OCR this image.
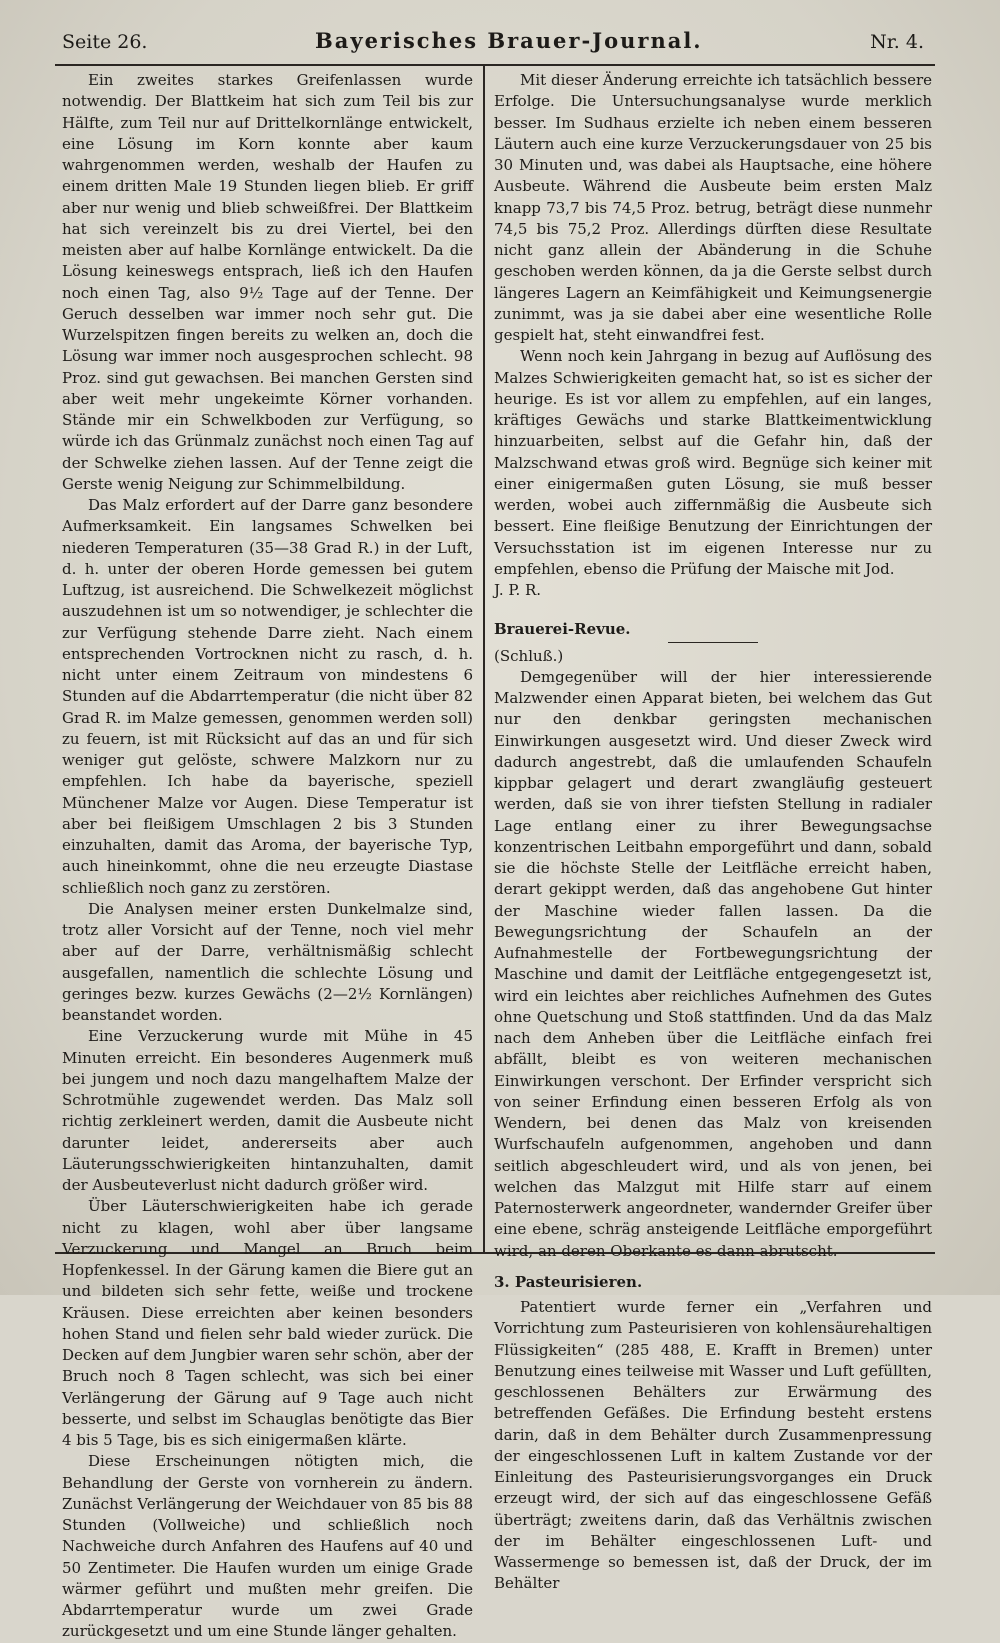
Seite 26.	Bayerisches Brauer-Journal.	Nr. 4.

Ein zweites starkes Greifenlassen wurde notwendig. Der Blattkeim hat sich zum Teil bis zur Hälfte, zum Teil nur auf Drittelkornlänge entwickelt, eine Lösung im Korn konnte aber kaum wahrgenommen werden, weshalb der Haufen zu einem dritten Male 19 Stunden liegen blieb. Er griff aber nur wenig und blieb schweißfrei. Der Blattkeim hat sich vereinzelt bis zu drei Viertel, bei den meisten aber auf halbe Kornlänge entwickelt. Da die Lösung keineswegs entsprach, ließ ich den Haufen noch einen Tag, also 9½ Tage auf der Tenne. Der Geruch desselben war immer noch sehr gut. Die Wurzelspitzen fingen bereits zu welken an, doch die Lösung war immer noch ausgesprochen schlecht. 98 Proz. sind gut gewachsen. Bei manchen Gersten sind aber weit mehr ungekeimte Körner vorhanden. Stände mir ein Schwelkboden zur Verfügung, so würde ich das Grünmalz zunächst noch einen Tag auf der Schwelke ziehen lassen. Auf der Tenne zeigt die Gerste wenig Neigung zur Schimmelbildung.

Das Malz erfordert auf der Darre ganz besondere Aufmerksamkeit. Ein langsames Schwelken bei niederen Temperaturen (35—38 Grad R.) in der Luft, d. h. unter der oberen Horde gemessen bei gutem Luftzug, ist ausreichend. Die Schwelkezeit möglichst auszudehnen ist um so notwendiger, je schlechter die zur Verfügung stehende Darre zieht. Nach einem entsprechenden Vortrocknen nicht zu rasch, d. h. nicht unter einem Zeitraum von mindestens 6 Stunden auf die Abdarrtemperatur (die nicht über 82 Grad R. im Malze gemessen, genommen werden soll) zu feuern, ist mit Rücksicht auf das an und für sich weniger gut gelöste, schwere Malzkorn nur zu empfehlen. Ich habe da bayerische, speziell Münchener Malze vor Augen. Diese Temperatur ist aber bei fleißigem Umschlagen 2 bis 3 Stunden einzuhalten, damit das Aroma, der bayerische Typ, auch hineinkommt, ohne die neu erzeugte Diastase schließlich noch ganz zu zerstören.

Die Analysen meiner ersten Dunkelmalze sind, trotz aller Vorsicht auf der Tenne, noch viel mehr aber auf der Darre, verhältnismäßig schlecht ausgefallen, namentlich die schlechte Lösung und geringes bezw. kurzes Gewächs (2—2½ Kornlängen) beanstandet worden.

Eine Verzuckerung wurde mit Mühe in 45 Minuten erreicht. Ein besonderes Augenmerk muß bei jungem und noch dazu mangelhaftem Malze der Schrotmühle zugewendet werden. Das Malz soll richtig zerkleinert werden, damit die Ausbeute nicht darunter leidet, andererseits aber auch Läuterungsschwierigkeiten hintanzuhalten, damit der Ausbeuteverlust nicht dadurch größer wird.

Über Läuterschwierigkeiten habe ich gerade nicht zu klagen, wohl aber über langsame Verzuckerung und Mangel an Bruch beim Hopfenkessel. In der Gärung kamen die Biere gut an und bildeten sich sehr fette, weiße und trockene Kräusen. Diese erreichten aber keinen besonders hohen Stand und fielen sehr bald wieder zurück. Die Decken auf dem Jungbier waren sehr schön, aber der Bruch noch 8 Tagen schlecht, was sich bei einer Verlängerung der Gärung auf 9 Tage auch nicht besserte, und selbst im Schauglas benötigte das Bier 4 bis 5 Tage, bis es sich einigermaßen klärte.

Diese Erscheinungen nötigten mich, die Behandlung der Gerste von vornherein zu ändern. Zunächst Verlängerung der Weichdauer von 85 bis 88 Stunden (Vollweiche) und schließlich noch Nachweiche durch Anfahren des Haufens auf 40 und 50 Zentimeter. Die Haufen wurden um einige Grade wärmer geführt und mußten mehr greifen. Die Abdarrtemperatur wurde um zwei Grade zurückgesetzt und um eine Stunde länger gehalten.

Mit dieser Änderung erreichte ich tatsächlich bessere Erfolge. Die Untersuchungsanalyse wurde merklich besser. Im Sudhaus erzielte ich neben einem besseren Läutern auch eine kurze Verzuckerungsdauer von 25 bis 30 Minuten und, was dabei als Hauptsache, eine höhere Ausbeute. Während die Ausbeute beim ersten Malz knapp 73,7 bis 74,5 Proz. betrug, beträgt diese nunmehr 74,5 bis 75,2 Proz. Allerdings dürften diese Resultate nicht ganz allein der Abänderung in die Schuhe geschoben werden können, da ja die Gerste selbst durch längeres Lagern an Keimfähigkeit und Keimungsenergie zunimmt, was ja sie dabei aber eine wesentliche Rolle gespielt hat, steht einwandfrei fest.

Wenn noch kein Jahrgang in bezug auf Auflösung des Malzes Schwierigkeiten gemacht hat, so ist es sicher der heurige. Es ist vor allem zu empfehlen, auf ein langes, kräftiges Gewächs und starke Blattkeimentwicklung hinzuarbeiten, selbst auf die Gefahr hin, daß der Malzschwand etwas groß wird. Begnüge sich keiner mit einer einigermaßen guten Lösung, sie muß besser werden, wobei auch ziffernmäßig die Ausbeute sich bessert. Eine fleißige Benutzung der Einrichtungen der Versuchsstation ist im eigenen Interesse nur zu empfehlen, ebenso die Prüfung der Maische mit Jod.

J. P. R.

Brauerei-Revue.

(Schluß.)

Demgegenüber will der hier interessierende Malzwender einen Apparat bieten, bei welchem das Gut nur den denkbar geringsten mechanischen Einwirkungen ausgesetzt wird. Und dieser Zweck wird dadurch angestrebt, daß die umlaufenden Schaufeln kippbar gelagert und derart zwangläufig gesteuert werden, daß sie von ihrer tiefsten Stellung in radialer Lage entlang einer zu ihrer Bewegungsachse konzentrischen Leitbahn emporgeführt und dann, sobald sie die höchste Stelle der Leitfläche erreicht haben, derart gekippt werden, daß das angehobene Gut hinter der Maschine wieder fallen lassen. Da die Bewegungsrichtung der Schaufeln an der Aufnahmestelle der Fortbewegungsrichtung der Maschine und damit der Leitfläche entgegengesetzt ist, wird ein leichtes aber reichliches Aufnehmen des Gutes ohne Quetschung und Stoß stattfinden. Und da das Malz nach dem Anheben über die Leitfläche einfach frei abfällt, bleibt es von weiteren mechanischen Einwirkungen verschont. Der Erfinder verspricht sich von seiner Erfindung einen besseren Erfolg als von Wendern, bei denen das Malz von kreisenden Wurfschaufeln aufgenommen, angehoben und dann seitlich abgeschleudert wird, und als von jenen, bei welchen das Malzgut mit Hilfe starr auf einem Paternosterwerk angeordneter, wandernder Greifer über eine ebene, schräg ansteigende Leitfläche emporgeführt wird, an deren Oberkante es dann abrutscht.

3. Pasteurisieren.

Patentiert wurde ferner ein „Verfahren und Vorrichtung zum Pasteurisieren von kohlensäurehaltigen Flüssigkeiten“ (285 488, E. Krafft in Bremen) unter Benutzung eines teilweise mit Wasser und Luft gefüllten, geschlossenen Behälters zur Erwärmung des betreffenden Gefäßes. Die Erfindung besteht erstens darin, daß in dem Behälter durch Zusammenpressung der eingeschlossenen Luft in kaltem Zustande vor der Einleitung des Pasteurisierungsvorganges ein Druck erzeugt wird, der sich auf das eingeschlossene Gefäß überträgt; zweitens darin, daß das Verhältnis zwischen der im Behälter eingeschlossenen Luft- und Wassermenge so bemessen ist, daß der Druck, der im Behälter
